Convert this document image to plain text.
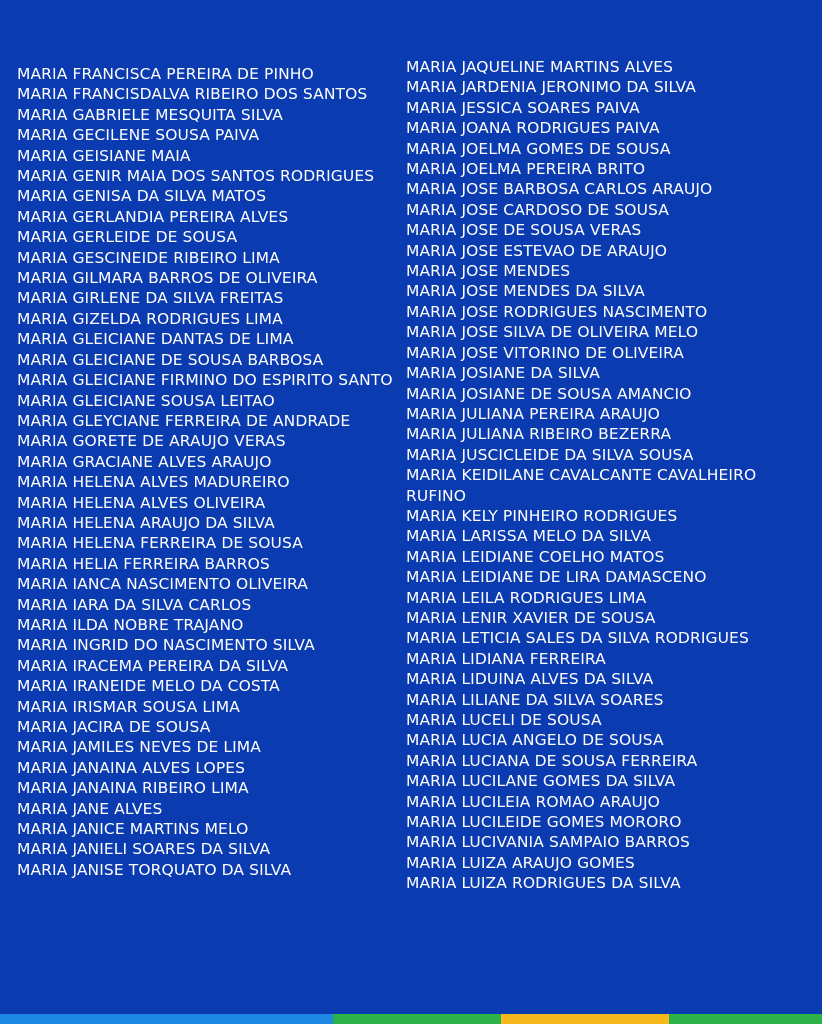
MARIA FRANCISCA PEREIRA DE PINHO
MARIA FRANCISDALVA RIBEIRO DOS SANTOS
MARIA GABRIELE MESQUITA SILVA
MARIA GECILENE SOUSA PAIVA
MARIA GEISIANE MAIA
MARIA GENIR MAIA DOS SANTOS RODRIGUES
MARIA GENISA DA SILVA MATOS
MARIA GERLANDIA PEREIRA ALVES
MARIA GERLEIDE DE SOUSA
MARIA GESCINEIDE RIBEIRO LIMA
MARIA GILMARA BARROS DE OLIVEIRA
MARIA GIRLENE DA SILVA FREITAS
MARIA GIZELDA RODRIGUES LIMA
MARIA GLEICIANE DANTAS DE LIMA
MARIA GLEICIANE DE SOUSA BARBOSA
MARIA GLEICIANE FIRMINO DO ESPIRITO SANTO
MARIA GLEICIANE SOUSA LEITAO
MARIA GLEYCIANE FERREIRA DE ANDRADE
MARIA GORETE DE ARAUJO VERAS
MARIA GRACIANE ALVES ARAUJO
MARIA HELENA ALVES MADUREIRO
MARIA HELENA ALVES OLIVEIRA
MARIA HELENA ARAUJO DA SILVA
MARIA HELENA FERREIRA DE SOUSA
MARIA HELIA FERREIRA BARROS
MARIA IANCA NASCIMENTO OLIVEIRA
MARIA IARA DA SILVA CARLOS
MARIA ILDA NOBRE TRAJANO
MARIA INGRID DO NASCIMENTO SILVA
MARIA IRACEMA PEREIRA DA SILVA
MARIA IRANEIDE MELO DA COSTA
MARIA IRISMAR SOUSA LIMA
MARIA JACIRA DE SOUSA
MARIA JAMILES NEVES DE LIMA
MARIA JANAINA ALVES LOPES
MARIA JANAINA RIBEIRO LIMA
MARIA JANE ALVES
MARIA JANICE MARTINS MELO
MARIA JANIELI SOARES DA SILVA
MARIA JANISE TORQUATO DA SILVA
MARIA JAQUELINE MARTINS ALVES
MARIA JARDENIA JERONIMO DA SILVA
MARIA JESSICA SOARES PAIVA
MARIA JOANA RODRIGUES PAIVA
MARIA JOELMA GOMES DE SOUSA
MARIA JOELMA PEREIRA BRITO
MARIA JOSE BARBOSA CARLOS ARAUJO
MARIA JOSE CARDOSO DE SOUSA
MARIA JOSE DE SOUSA VERAS
MARIA JOSE ESTEVAO DE ARAUJO
MARIA JOSE MENDES
MARIA JOSE MENDES DA SILVA
MARIA JOSE RODRIGUES NASCIMENTO
MARIA JOSE SILVA DE OLIVEIRA MELO
MARIA JOSE VITORINO DE OLIVEIRA
MARIA JOSIANE DA SILVA
MARIA JOSIANE DE SOUSA AMANCIO
MARIA JULIANA PEREIRA ARAUJO
MARIA JULIANA RIBEIRO BEZERRA
MARIA JUSCICLEIDE DA SILVA SOUSA
MARIA KEIDILANE CAVALCANTE CAVALHEIRO RUFINO
MARIA KELY PINHEIRO RODRIGUES
MARIA LARISSA MELO DA SILVA
MARIA LEIDIANE COELHO MATOS
MARIA LEIDIANE DE LIRA DAMASCENO
MARIA LEILA RODRIGUES LIMA
MARIA LENIR XAVIER DE SOUSA
MARIA LETICIA SALES DA SILVA RODRIGUES
MARIA LIDIANA FERREIRA
MARIA LIDUINA ALVES DA SILVA
MARIA LILIANE DA SILVA SOARES
MARIA LUCELI DE SOUSA
MARIA LUCIA ANGELO DE SOUSA
MARIA LUCIANA DE SOUSA FERREIRA
MARIA LUCILANE GOMES DA SILVA
MARIA LUCILEIA ROMAO ARAUJO
MARIA LUCILEIDE GOMES MORORO
MARIA LUCIVANIA SAMPAIO BARROS
MARIA LUIZA ARAUJO GOMES
MARIA LUIZA RODRIGUES DA SILVA
